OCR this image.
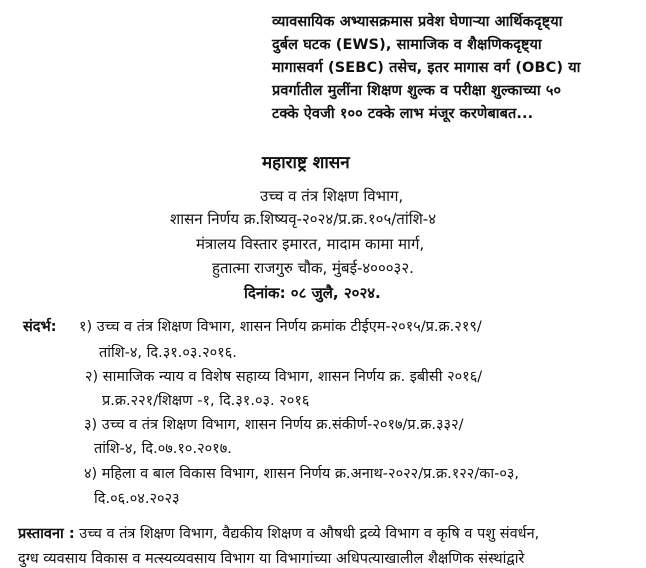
व्यावसायिक अभ्यासक्रमास प्रवेश घेणाऱ्या आर्थिकदृष्ट्या
दुर्बल घटक (EWS), सामाजिक व शैक्षणिकदृष्ट्या
मागासवर्ग (SEBC) तसेच, इतर मागास वर्ग (OBC) या
प्रवर्गातील मुलींना शिक्षण शुल्क व परीक्षा शुल्काच्या ५०
टक्के ऐवजी १०० टक्के लाभ मंजूर करणेबाबत...
महाराष्ट्र शासन
उच्च व तंत्र शिक्षण विभाग,
शासन निर्णय क्र.शिष्यवृ-२०२४/प्र.क्र.१०५/तांशि-४
मंत्रालय विस्तार इमारत, मादाम कामा मार्ग,
हुतात्मा राजगुरु चौक, मुंबई-४०००३२.
दिनांक: ०८ जुलै, २०२४.
संदर्भ: १) उच्च व तंत्र शिक्षण विभाग, शासन निर्णय क्रमांक टीईएम-२०१५/प्र.क्र.२१९/
तांशि-४, दि.३१.०३.२०१६.
२) सामाजिक न्याय व विशेष सहाय्य विभाग, शासन निर्णय क्र. इबीसी २०१६/
प्र.क्र.२२१/शिक्षण -१, दि.३१.०३. २०१६
३) उच्च व तंत्र शिक्षण विभाग, शासन निर्णय क्र.संकीर्ण-२०१७/प्र.क्र.३३२/
तांशि-४, दि.०७.१०.२०१७.
४) महिला व बाल विकास विभाग, शासन निर्णय क्र.अनाथ-२०२२/प्र.क्र.१२२/का-०३,
दि.०६.०४.२०२३
प्रस्तावना : उच्च व तंत्र शिक्षण विभाग, वैद्यकीय शिक्षण व औषधी द्रव्ये विभाग व कृषि व पशु संवर्धन,
दुग्ध व्यवसाय विकास व मत्स्यव्यवसाय विभाग या विभागांच्या अधिपत्याखालील शैक्षणिक संस्थांद्वारे
